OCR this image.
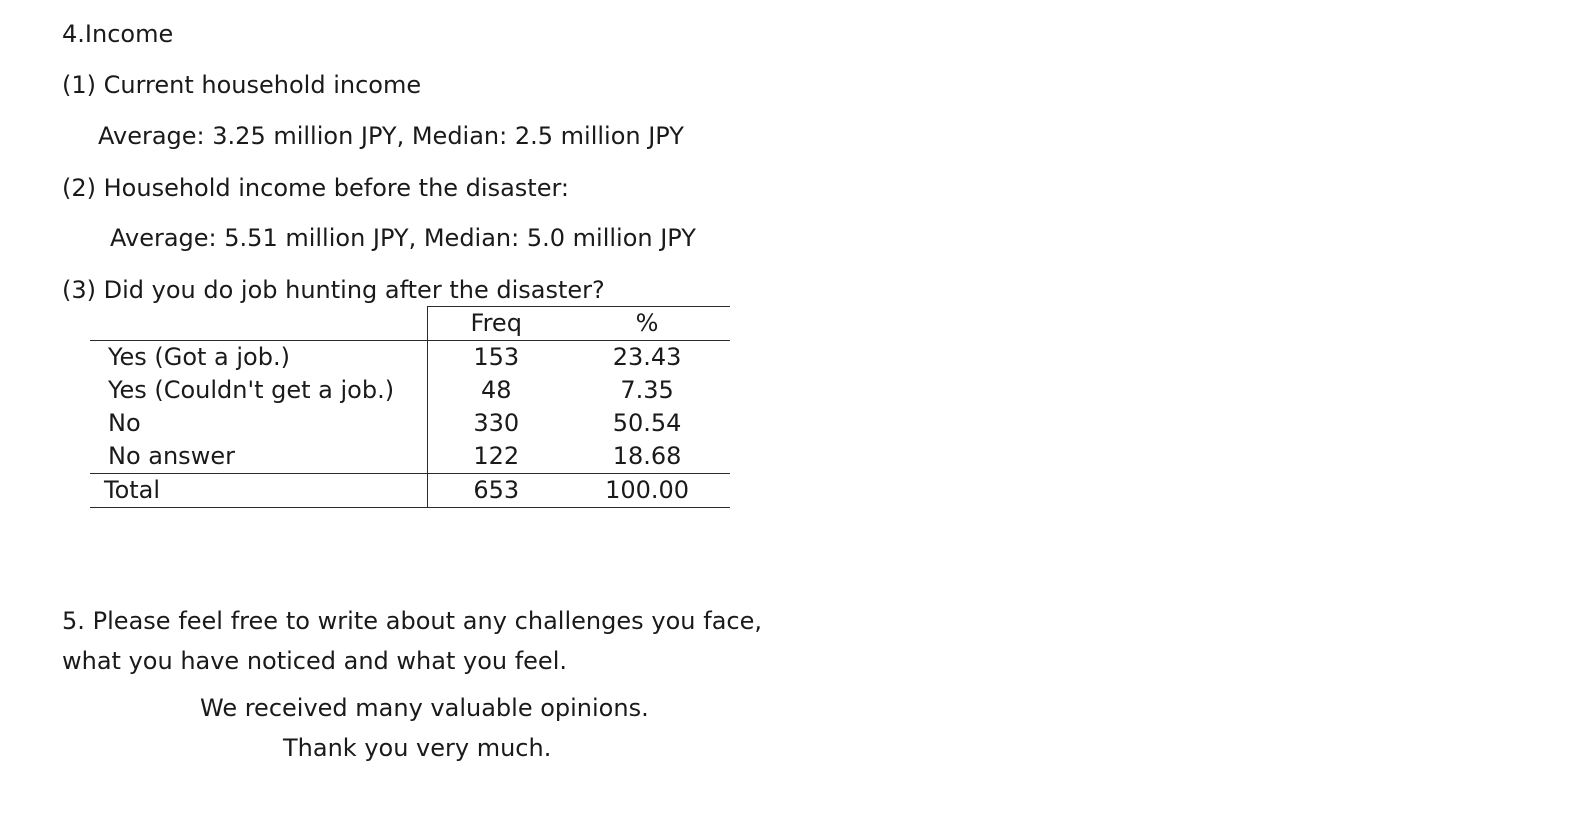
4.Income
(1) Current household income
Average: 3.25 million JPY, Median: 2.5 million JPY
(2) Household income before the disaster:
Average: 5.51 million JPY, Median: 5.0 million JPY
(3) Did you do job hunting after the disaster?
	Freq	%
Yes (Got a job.)	153	23.43
Yes (Couldn't get a job.)	48	7.35
No	330	50.54
No answer	122	18.68
Total	653	100.00
5. Please feel free to write about any challenges you face, what you have noticed and what you feel.
We received many valuable opinions.
Thank you very much.
